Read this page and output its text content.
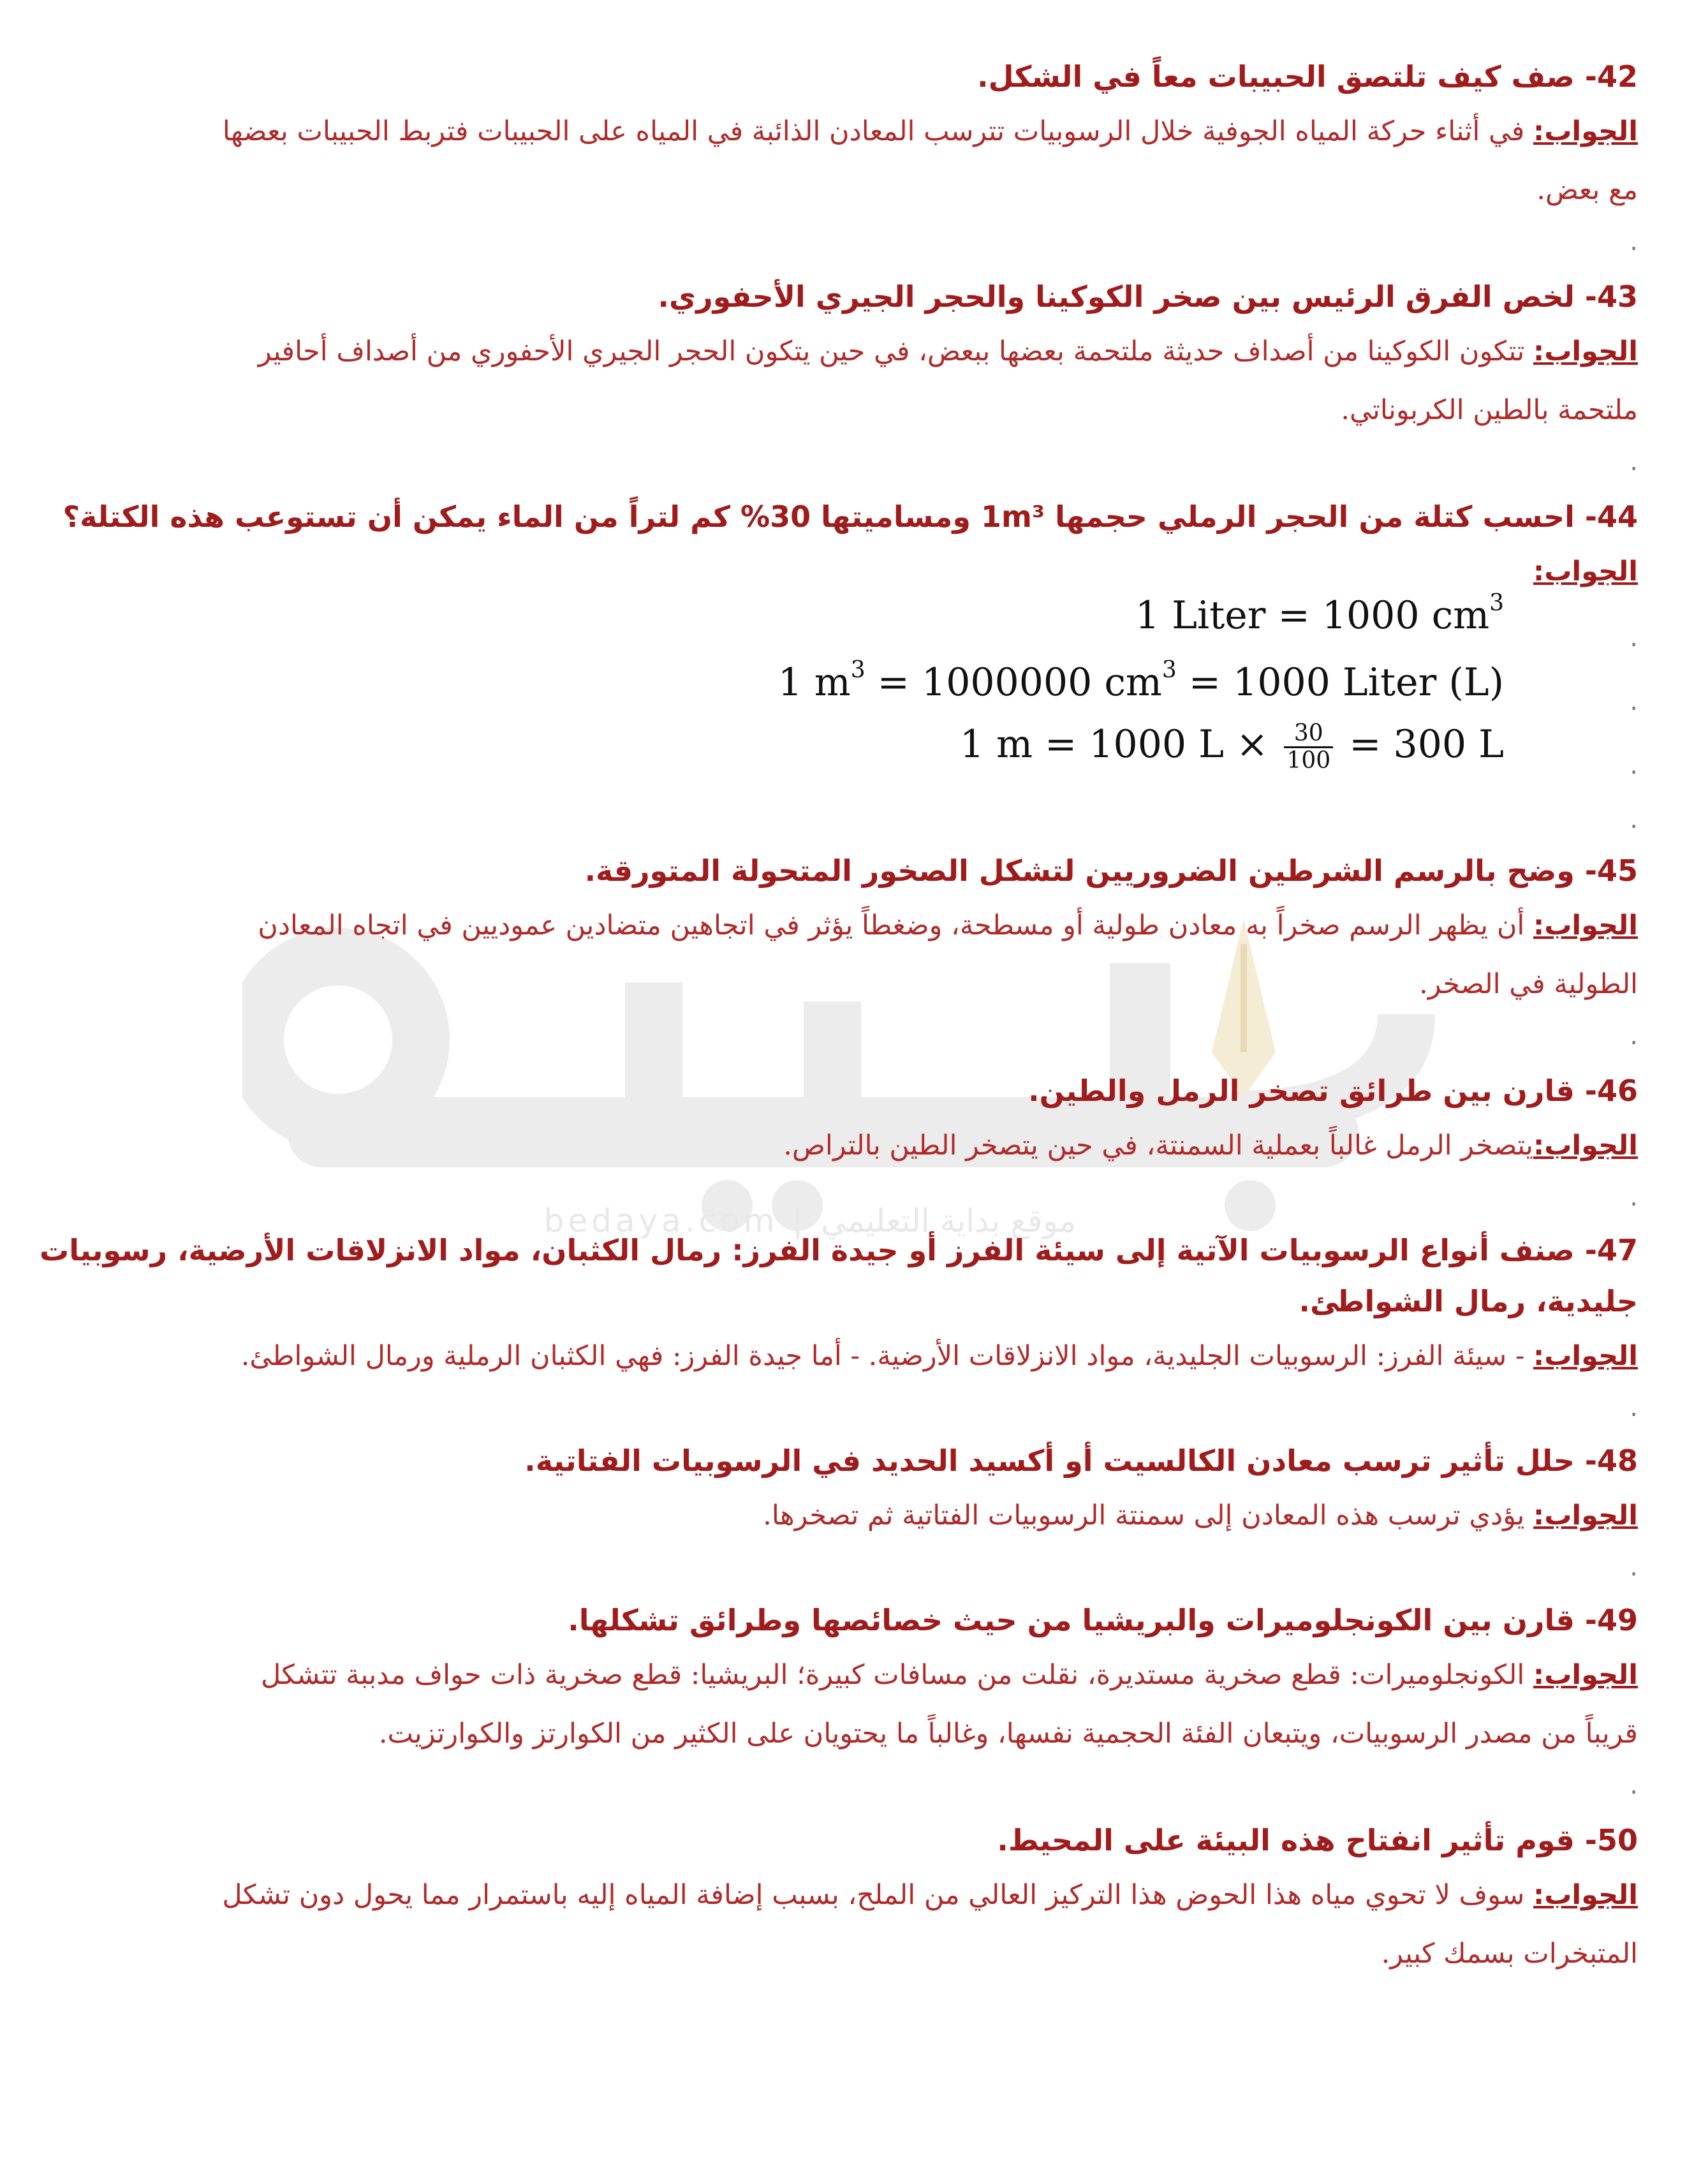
bedaya.com | موقع بداية التعليمي
42- صف كيف تلتصق الحبيبات معاً في الشكل.
الجواب: في أثناء حركة المياه الجوفية خلال الرسوبيات تترسب المعادن الذائبة في المياه على الحبيبات فتربط الحبيبات بعضها
مع بعض.
.
43- لخص الفرق الرئيس بين صخر الكوكينا والحجر الجيري الأحفوري.
الجواب: تتكون الكوكينا من أصداف حديثة ملتحمة بعضها ببعض، في حين يتكون الحجر الجيري الأحفوري من أصداف أحافير
ملتحمة بالطين الكربوناتي.
.
44- احسب كتلة من الحجر الرملي حجمها 1m³ ومساميتها 30% كم لتراً من الماء يمكن أن تستوعب هذه الكتلة؟
الجواب:
1 Liter = 1000 $cm^3$
1 $m^3 = 1000000$ $cm^3 = 1000$ Liter (L)
1 m = 1000 $L \times \frac{30}{100} = 300$ L
.
.
.
.
45- وضح بالرسم الشرطين الضروريين لتشكل الصخور المتحولة المتورقة.
الجواب: أن يظهر الرسم صخراً به معادن طولية أو مسطحة، وضغطاً يؤثر في اتجاهين متضادين عموديين في اتجاه المعادن
الطولية في الصخر.
.
46- قارن بين طرائق تصخر الرمل والطين.
الجواب:يتصخر الرمل غالباً بعملية السمنتة، في حين يتصخر الطين بالتراص.
.
47- صنف أنواع الرسوبيات الآتية إلى سيئة الفرز أو جيدة الفرز: رمال الكثبان، مواد الانزلاقات الأرضية، رسوبيات
جليدية، رمال الشواطئ.
الجواب: - سيئة الفرز: الرسوبيات الجليدية، مواد الانزلاقات الأرضية. - أما جيدة الفرز: فهي الكثبان الرملية ورمال الشواطئ.
.
48- حلل تأثير ترسب معادن الكالسيت أو أكسيد الحديد في الرسوبيات الفتاتية.
الجواب: يؤدي ترسب هذه المعادن إلى سمنتة الرسوبيات الفتاتية ثم تصخرها.
.
49- قارن بين الكونجلوميرات والبريشيا من حيث خصائصها وطرائق تشكلها.
الجواب: الكونجلوميرات: قطع صخرية مستديرة، نقلت من مسافات كبيرة؛ البريشيا: قطع صخرية ذات حواف مدببة تتشكل
قريباً من مصدر الرسوبيات، ويتبعان الفئة الحجمية نفسها، وغالباً ما يحتويان على الكثير من الكوارتز والكوارتزيت.
.
50- قوم تأثير انفتاح هذه البيئة على المحيط.
الجواب: سوف لا تحوي مياه هذا الحوض هذا التركيز العالي من الملح، بسبب إضافة المياه إليه باستمرار مما يحول دون تشكل
المتبخرات بسمك كبير.
